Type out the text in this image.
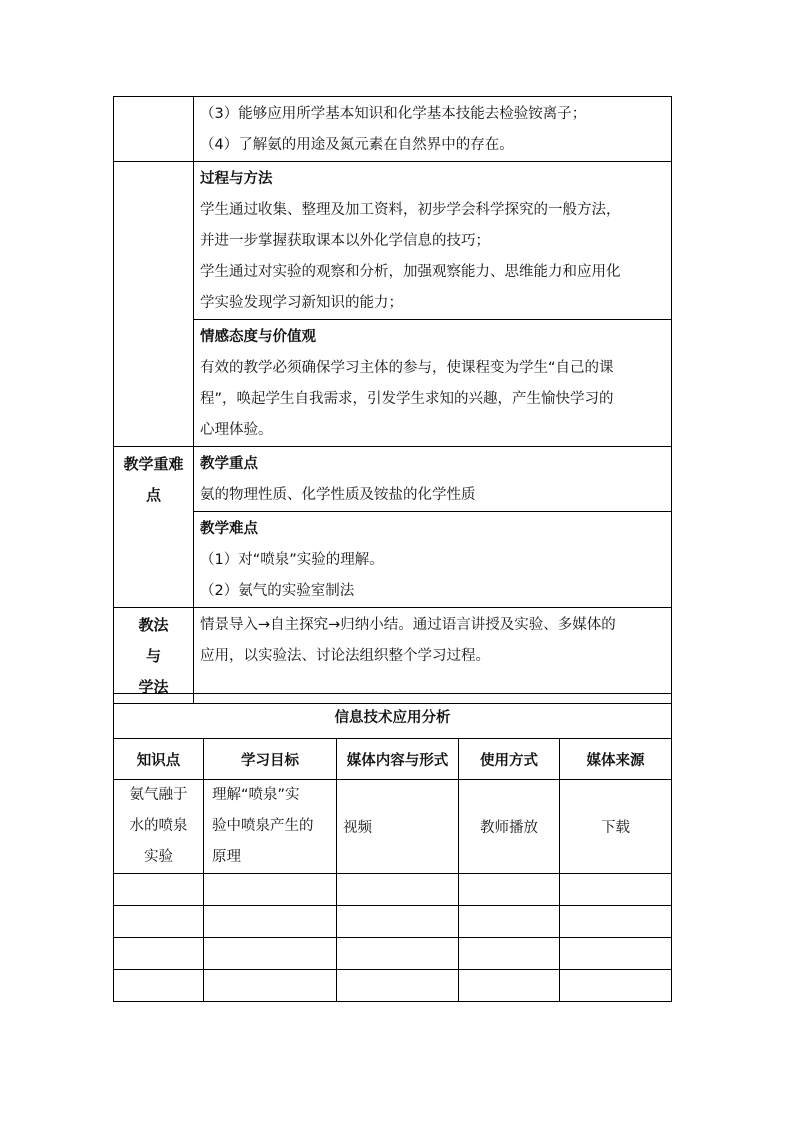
	（3）能够应用所学基本知识和化学基本技能去检验铵离子；
（4）了解氨的用途及氮元素在自然界中的存在。

	过程与方法
学生通过收集、整理及加工资料，初步学会科学探究的一般方法，
并进一步掌握获取课本以外化学信息的技巧；
学生通过对实验的观察和分析，加强观察能力、思维能力和应用化
学实验发现学习新知识的能力；

	情感态度与价值观
有效的教学必须确保学习主体的参与，使课程变为学生“自己的课
程”，唤起学生自我需求，引发学生求知的兴趣，产生愉快学习的
心理体验。

教学重难
点	教学重点
氨的物理性质、化学性质及铵盐的化学性质

	教学难点
（1）对“喷泉”实验的理解。
（2）氨气的实验室制法

教法
与
学法	情景导入→自主探究→归纳小结。通过语言讲授及实验、多媒体的
应用，以实验法、讨论法组织整个学习过程。
信息技术应用分析				
知识点	学习目标	媒体内容与形式	使用方式	媒体来源

氨气融于
水的喷泉
实验	理解“喷泉”实
验中喷泉产生的
原理	视频	教师播放	下载
